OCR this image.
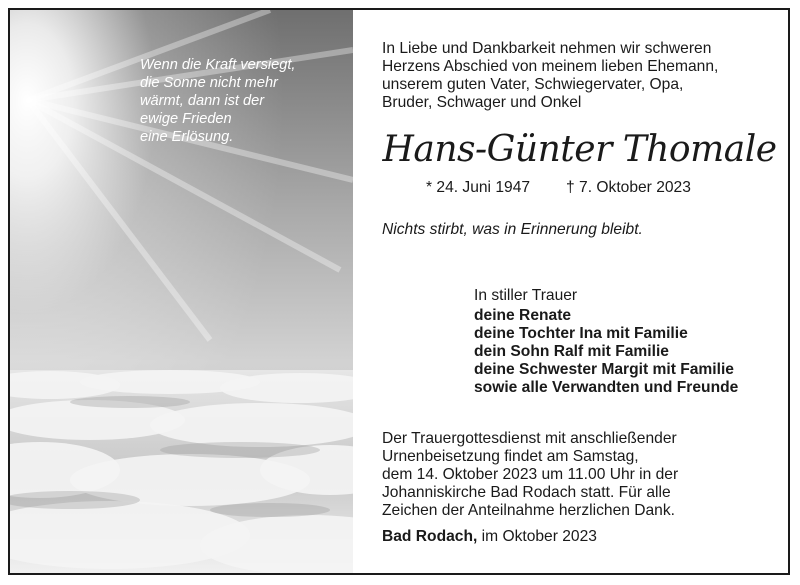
Wenn die Kraft versiegt,
die Sonne nicht mehr
wärmt, dann ist der
ewige Frieden
eine Erlösung.

In Liebe und Dankbarkeit nehmen wir schweren
Herzens Abschied von meinem lieben Ehemann,
unserem guten Vater, Schwiegervater, Opa,
Bruder, Schwager und Onkel
Hans-Günter Thomale
* 24. Juni 1947 † 7. Oktober 2023
Nichts stirbt, was in Erinnerung bleibt.
In stiller Trauer
deine Renate
deine Tochter Ina mit Familie
dein Sohn Ralf mit Familie
deine Schwester Margit mit Familie
sowie alle Verwandten und Freunde
Der Trauergottesdienst mit anschließender
Urnenbeisetzung findet am Samstag,
dem 14. Oktober 2023 um 11.00 Uhr in der
Johanniskirche Bad Rodach statt. Für alle
Zeichen der Anteilnahme herzlichen Dank.
Bad Rodach, im Oktober 2023
